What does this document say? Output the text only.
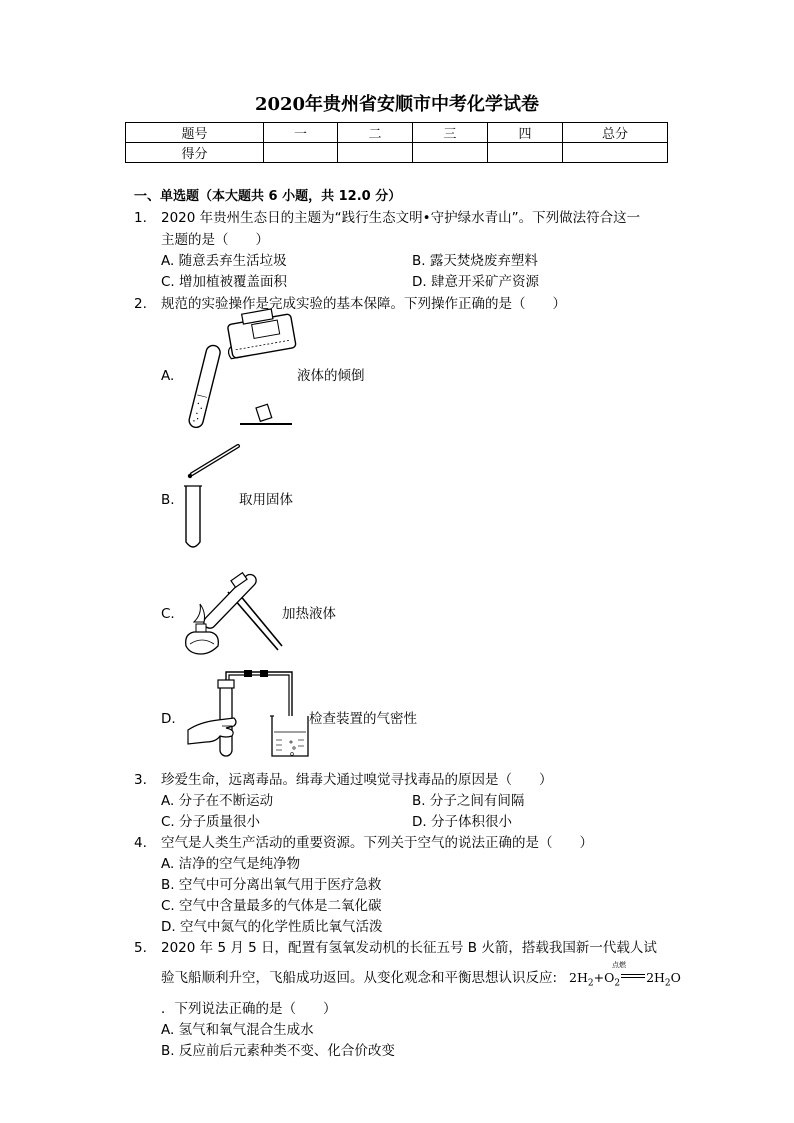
2020年贵州省安顺市中考化学试卷
题号	一	二	三	四	总分
得分					
一、单选题（本大题共 6 小题，共 12.0 分）
1. 2020 年贵州生态日的主题为“践行生态文明•守护绿水青山”。下列做法符合这一
主题的是（　　）
A. 随意丢弃生活垃圾	B. 露天焚烧废弃塑料
C. 增加植被覆盖面积	D. 肆意开采矿产资源
2. 规范的实验操作是完成实验的基本保障。下列操作正确的是（　　）
A.	液体的倾倒
B.	取用固体
C.	加热液体
D.	检查装置的气密性
3. 珍爱生命，远离毒品。缉毒犬通过嗅觉寻找毒品的原因是（　　）
A. 分子在不断运动	B. 分子之间有间隔
C. 分子质量很小	D. 分子体积很小
4. 空气是人类生产活动的重要资源。下列关于空气的说法正确的是（　　）
A. 洁净的空气是纯净物
B. 空气中可分离出氧气用于医疗急救
C. 空气中含量最多的气体是二氧化碳
D. 空气中氮气的化学性质比氧气活泼
5. 2020 年 5 月 5 日，配置有氢氧发动机的长征五号 B 火箭，搭载我国新一代载人试
验飞船顺利升空，飞船成功返回。从变化观念和平衡思想认识反应:
点燃
$2H_2+O_2$ $2H_2O$
．下列说法正确的是（　　）
A. 氢气和氧气混合生成水
B. 反应前后元素种类不变、化合价改变
